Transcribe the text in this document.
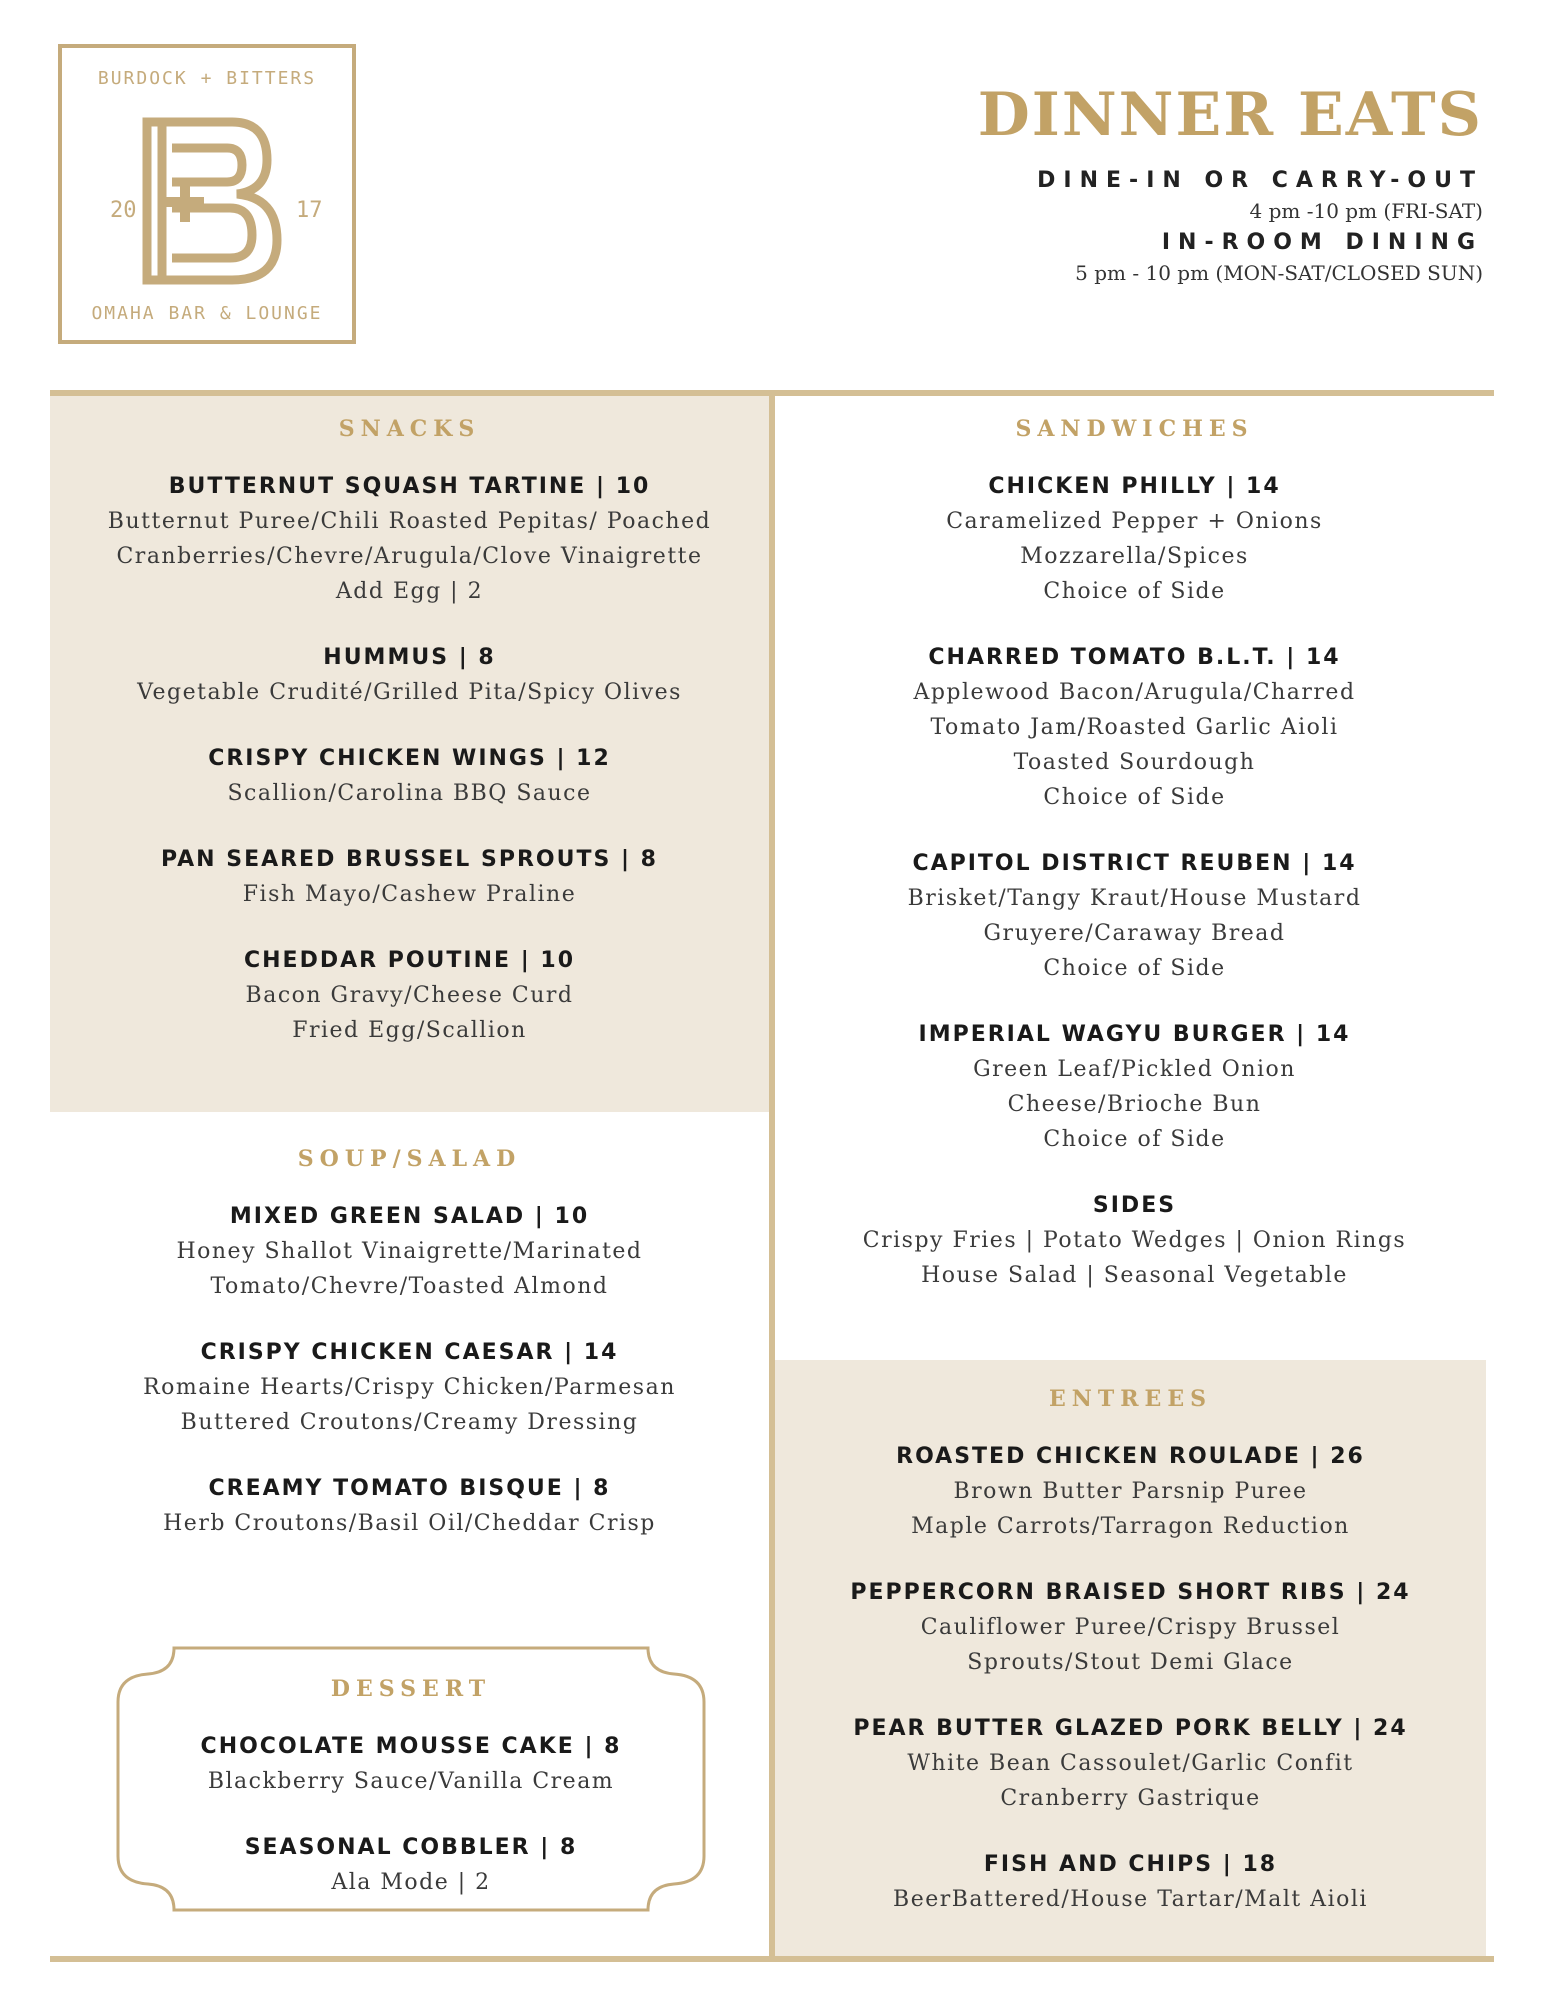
BURDOCK + BITTERS
20	17
OMAHA BAR & LOUNGE
DINNER EATS
DINE-IN OR CARRY-OUT
4 pm -10 pm (FRI-SAT)
IN-ROOM DINING
5 pm - 10 pm (MON-SAT/CLOSED SUN)
SNACKS
BUTTERNUT SQUASH TARTINE | 10
Butternut Puree/Chili Roasted Pepitas/ Poached
Cranberries/Chevre/Arugula/Clove Vinaigrette
Add Egg | 2
HUMMUS | 8
Vegetable Crudité/Grilled Pita/Spicy Olives
CRISPY CHICKEN WINGS | 12
Scallion/Carolina BBQ Sauce
PAN SEARED BRUSSEL SPROUTS | 8
Fish Mayo/Cashew Praline
CHEDDAR POUTINE | 10
Bacon Gravy/Cheese Curd
Fried Egg/Scallion
SOUP/SALAD
MIXED GREEN SALAD | 10
Honey Shallot Vinaigrette/Marinated
Tomato/Chevre/Toasted Almond
CRISPY CHICKEN CAESAR | 14
Romaine Hearts/Crispy Chicken/Parmesan
Buttered Croutons/Creamy Dressing
CREAMY TOMATO BISQUE | 8
Herb Croutons/Basil Oil/Cheddar Crisp
DESSERT
CHOCOLATE MOUSSE CAKE | 8
Blackberry Sauce/Vanilla Cream
SEASONAL COBBLER | 8
Ala Mode | 2
SANDWICHES
CHICKEN PHILLY | 14
Caramelized Pepper + Onions
Mozzarella/Spices
Choice of Side
CHARRED TOMATO B.L.T. | 14
Applewood Bacon/Arugula/Charred
Tomato Jam/Roasted Garlic Aioli
Toasted Sourdough
Choice of Side
CAPITOL DISTRICT REUBEN | 14
Brisket/Tangy Kraut/House Mustard
Gruyere/Caraway Bread
Choice of Side
IMPERIAL WAGYU BURGER | 14
Green Leaf/Pickled Onion
Cheese/Brioche Bun
Choice of Side
SIDES
Crispy Fries | Potato Wedges | Onion Rings
House Salad | Seasonal Vegetable
ENTREES
ROASTED CHICKEN ROULADE | 26
Brown Butter Parsnip Puree
Maple Carrots/Tarragon Reduction
PEPPERCORN BRAISED SHORT RIBS | 24
Cauliflower Puree/Crispy Brussel
Sprouts/Stout Demi Glace
PEAR BUTTER GLAZED PORK BELLY | 24
White Bean Cassoulet/Garlic Confit
Cranberry Gastrique
FISH AND CHIPS | 18
BeerBattered/House Tartar/Malt Aioli
